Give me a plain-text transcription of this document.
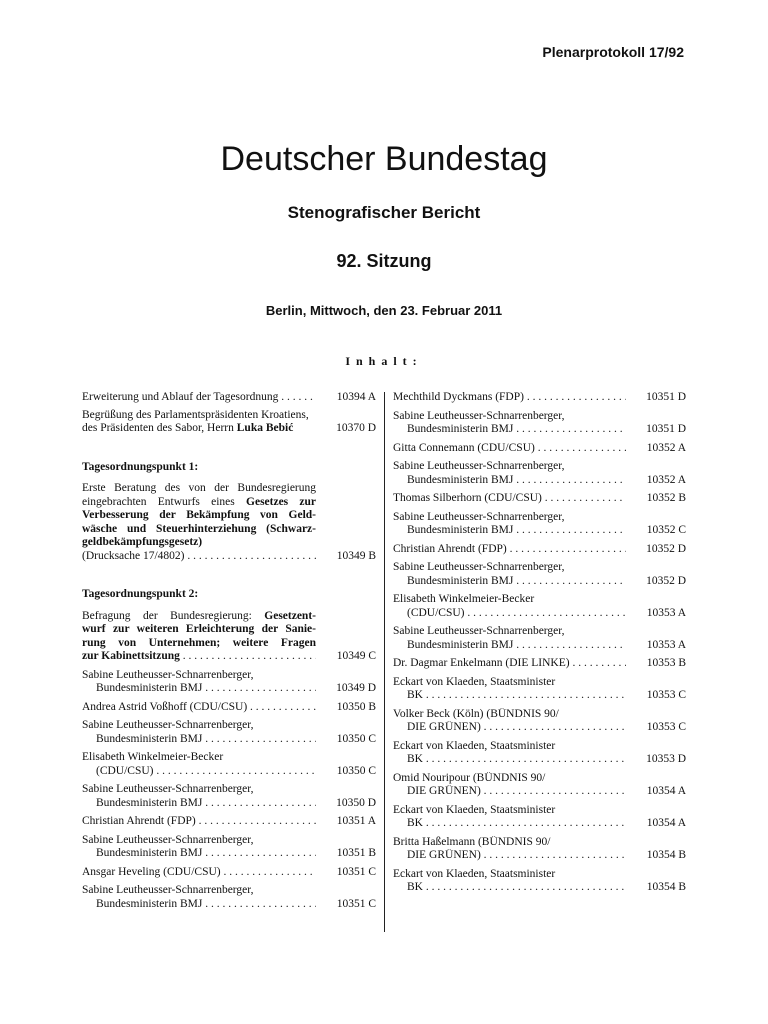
Plenarprotokoll 17/92
Deutscher Bundestag
Stenografischer Bericht
92. Sitzung
Berlin, Mittwoch, den 23. Februar 2011
Inhalt:
Erweiterung und Ablauf der Tagesordnung . . .	10394 A
Begrüßung des Parlamentspräsidenten Kroatiens,
des Präsidenten des Sabor, Herrn Luka Bebić	10370 D
Tagesordnungspunkt 1:
Erste Beratung des von der Bundesregierung
eingebrachten Entwurfs eines Gesetzes zur
Verbesserung der Bekämpfung von Geld-
wäsche und Steuerhinterziehung (Schwarz-
geldbekämpfungsgesetz)
(Drucksache 17/4802) . . .	10349 B
Tagesordnungspunkt 2:
Befragung der Bundesregierung: Gesetzent-
wurf zur weiteren Erleichterung der Sanie-
rung von Unternehmen; weitere Fragen
zur Kabinettsitzung . . .	10349 C
Sabine Leutheusser-Schnarrenberger,
Bundesministerin BMJ . . .	10349 D
Andrea Astrid Voßhoff (CDU/CSU) . . .	10350 B
Sabine Leutheusser-Schnarrenberger,
Bundesministerin BMJ . . .	10350 C
Elisabeth Winkelmeier-Becker
(CDU/CSU) . . .	10350 C
Sabine Leutheusser-Schnarrenberger,
Bundesministerin BMJ . . .	10350 D
Christian Ahrendt (FDP) . . .	10351 A
Sabine Leutheusser-Schnarrenberger,
Bundesministerin BMJ . . .	10351 B
Ansgar Heveling (CDU/CSU) . . .	10351 C
Sabine Leutheusser-Schnarrenberger,
Bundesministerin BMJ . . .	10351 C
Mechthild Dyckmans (FDP) . . .	10351 D
Sabine Leutheusser-Schnarrenberger,
Bundesministerin BMJ . . .	10351 D
Gitta Connemann (CDU/CSU) . . .	10352 A
Sabine Leutheusser-Schnarrenberger,
Bundesministerin BMJ . . .	10352 A
Thomas Silberhorn (CDU/CSU) . . .	10352 B
Sabine Leutheusser-Schnarrenberger,
Bundesministerin BMJ . . .	10352 C
Christian Ahrendt (FDP) . . .	10352 D
Sabine Leutheusser-Schnarrenberger,
Bundesministerin BMJ . . .	10352 D
Elisabeth Winkelmeier-Becker
(CDU/CSU) . . .	10353 A
Sabine Leutheusser-Schnarrenberger,
Bundesministerin BMJ . . .	10353 A
Dr. Dagmar Enkelmann (DIE LINKE) . . .	10353 B
Eckart von Klaeden, Staatsminister
BK . . .	10353 C
Volker Beck (Köln) (BÜNDNIS 90/
DIE GRÜNEN) . . .	10353 C
Eckart von Klaeden, Staatsminister
BK . . .	10353 D
Omid Nouripour (BÜNDNIS 90/
DIE GRÜNEN) . . .	10354 A
Eckart von Klaeden, Staatsminister
BK . . .	10354 A
Britta Haßelmann (BÜNDNIS 90/
DIE GRÜNEN) . . .	10354 B
Eckart von Klaeden, Staatsminister
BK . . .	10354 B
